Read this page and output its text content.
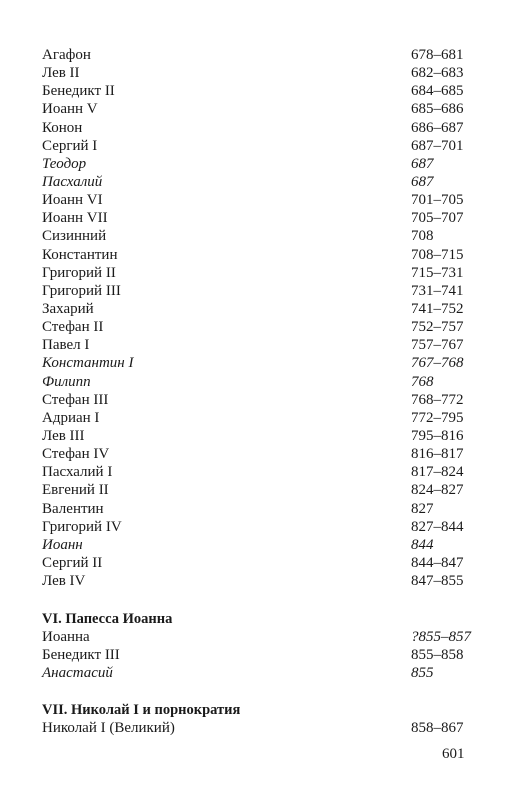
Агафон	678–681
Лев II	682–683
Бенедикт II	684–685
Иоанн V	685–686
Конон	686–687
Сергий I	687–701
Теодор	687
Пасхалий	687
Иоанн VI	701–705
Иоанн VII	705–707
Сизинний	708
Константин	708–715
Григорий II	715–731
Григорий III	731–741
Захарий	741–752
Стефан II	752–757
Павел I	757–767
Константин I	767–768
Филипп	768
Стефан III	768–772
Адриан I	772–795
Лев III	795–816
Стефан IV	816–817
Пасхалий I	817–824
Евгений II	824–827
Валентин	827
Григорий IV	827–844
Иоанн	844
Сергий II	844–847
Лев IV	847–855
VI. Папесса Иоанна
Иоанна	?855–857
Бенедикт III	855–858
Анастасий	855
VII. Николай I и порнократия
Николай I (Великий)	858–867
601
